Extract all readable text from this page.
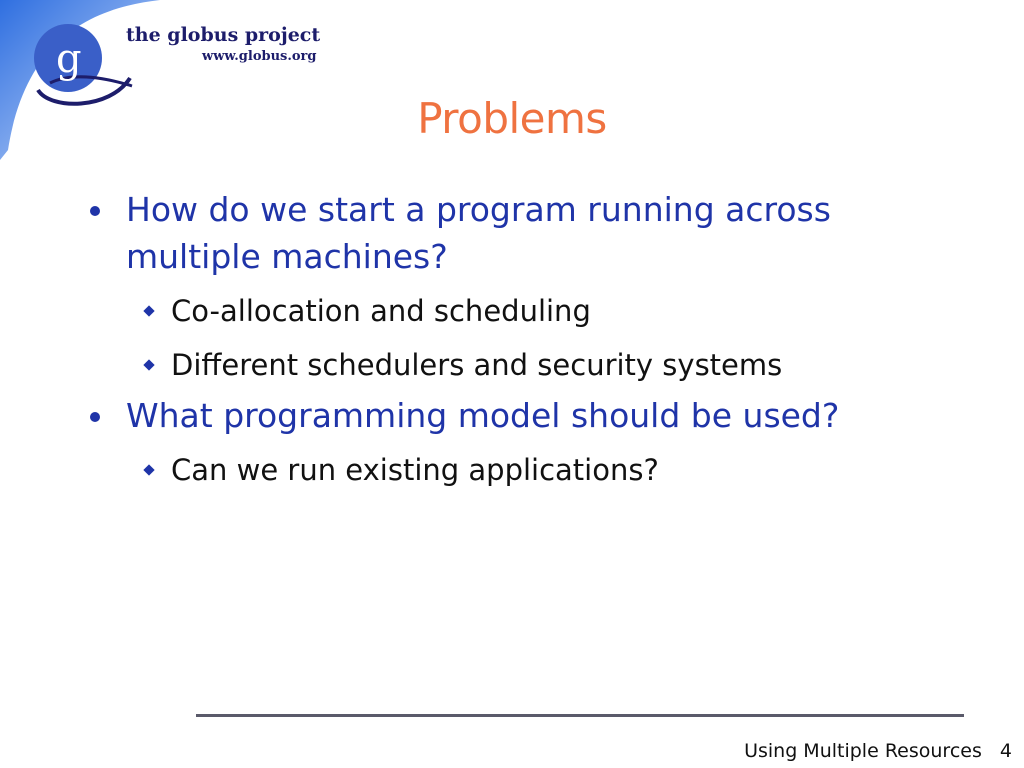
g
the globus project
www.globus.org
Problems
How do we start a program running across multiple machines?
Co-allocation and scheduling
Different schedulers and security systems
What programming model should be used?
Can we run existing applications?
Using Multiple Resources 4
